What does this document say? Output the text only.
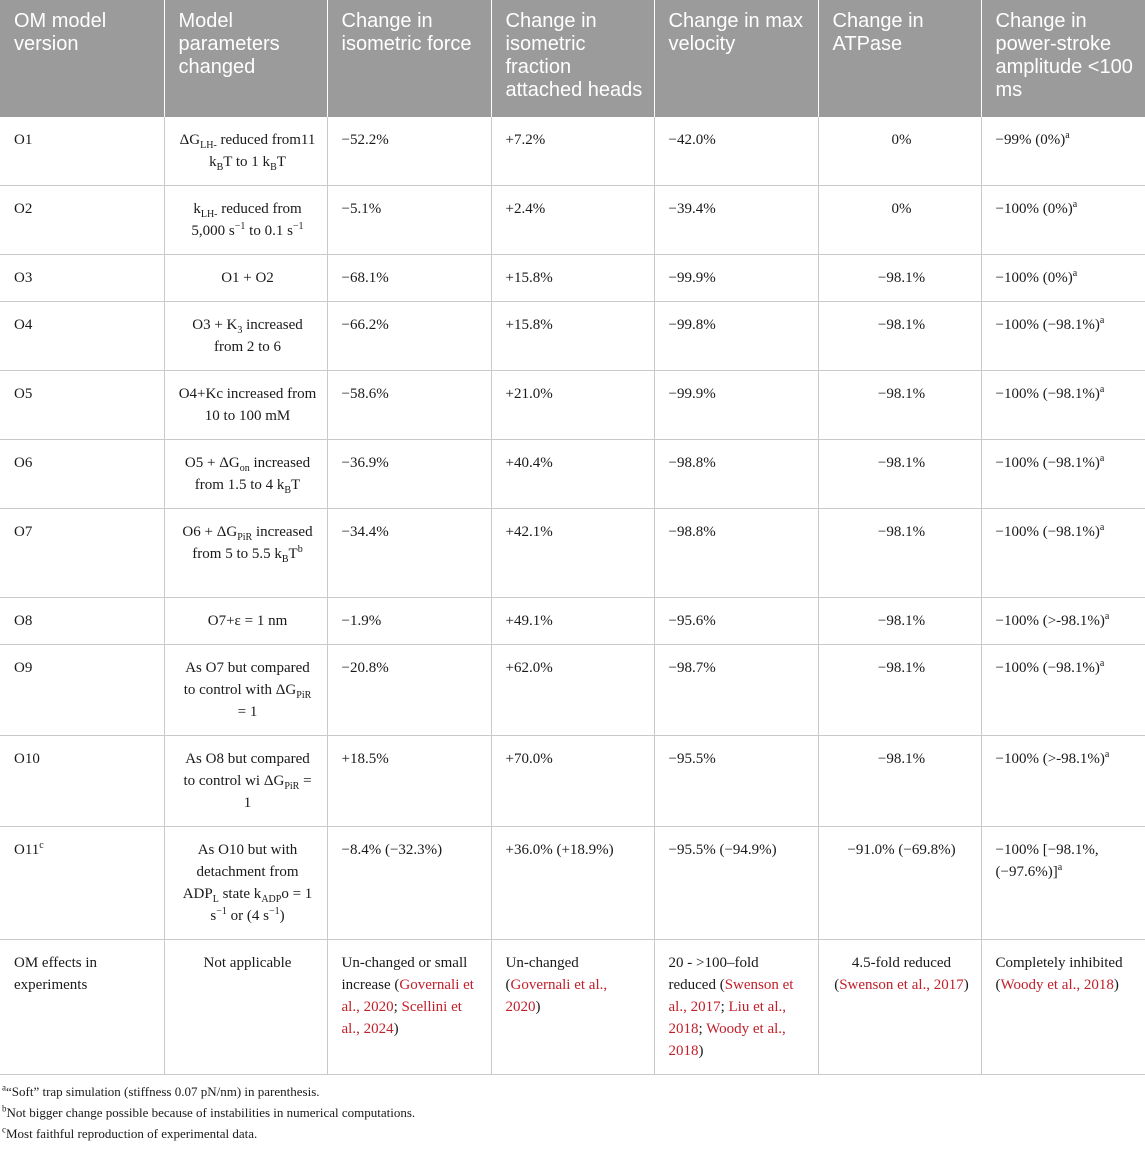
OM model version	Model parameters changed	Change in isometric force	Change in isometric fraction attached heads	Change in max velocity	Change in ATPase	Change in power-stroke amplitude <100 ms
O1	$\Delta G_{LH-}$ reduced from11 $k_BT$ to 1 $k_BT$	−52.2%	+7.2%	−42.0%	0%	−99% $(0\%)^a$
O2	$k_{LH-}$ reduced from 5,000 $s^{-1}$ to 0.1 $s^{-1}$	−5.1%	+2.4%	−39.4%	0%	−100% $(0\%)^a$
O3	O1 + O2	−68.1%	+15.8%	−99.9%	−98.1%	−100% $(0\%)^a$
O4	$O3 + K_3$ increased from 2 to 6	−66.2%	+15.8%	−99.8%	−98.1%	−100% $(-98.1\%)^a$
O5	O4+Kc increased from 10 to 100 mM	−58.6%	+21.0%	−99.9%	−98.1%	−100% $(-98.1\%)^a$
O6	$O5 + \Delta G_{on}$ increased from 1.5 to 4 $k_BT$	−36.9%	+40.4%	−98.8%	−98.1%	−100% $(-98.1\%)^a$
O7	$O6 + \Delta G_{PiR}$ increased from 5 to 5.5 $k_BT^b$	−34.4%	+42.1%	−98.8%	−98.1%	−100% $(-98.1\%)^a$
O8	O7+ε = 1 nm	−1.9%	+49.1%	−95.6%	−98.1%	−100% (>-98.1%)$^a$
O9	As O7 but compared to control with $\Delta G_{PiR} = 1$	−20.8%	+62.0%	−98.7%	−98.1%	−100% $(-98.1\%)^a$
O10	As O8 but compared to control wi $\Delta G_{PiR} = 1$	+18.5%	+70.0%	−95.5%	−98.1%	−100% (>-98.1%)$^a$
O11$^c$	As O10 but with detachment from $ADP_L$ state $k_{ADP}o = 1$ $s^{-1}$ or (4 $s^{-1}$)	−8.4% (−32.3%)	+36.0% (+18.9%)	−95.5% (−94.9%)	−91.0% (−69.8%)	−100% [−98.1%, (−97.6%)]$^a$
OM effects in experiments	Not applicable	Un-changed or small increase (Governali et al., 2020; Scellini et al., 2024)	Un-changed (Governali et al., 2020)	20 - >100–fold reduced (Swenson et al., 2017; Liu et al., 2018; Woody et al., 2018)	4.5-fold reduced (Swenson et al., 2017)	Completely inhibited (Woody et al., 2018)
$^a$“Soft” trap simulation (stiffness 0.07 pN/nm) in parenthesis.
$^b$Not bigger change possible because of instabilities in numerical computations.
$^c$Most faithful reproduction of experimental data.
